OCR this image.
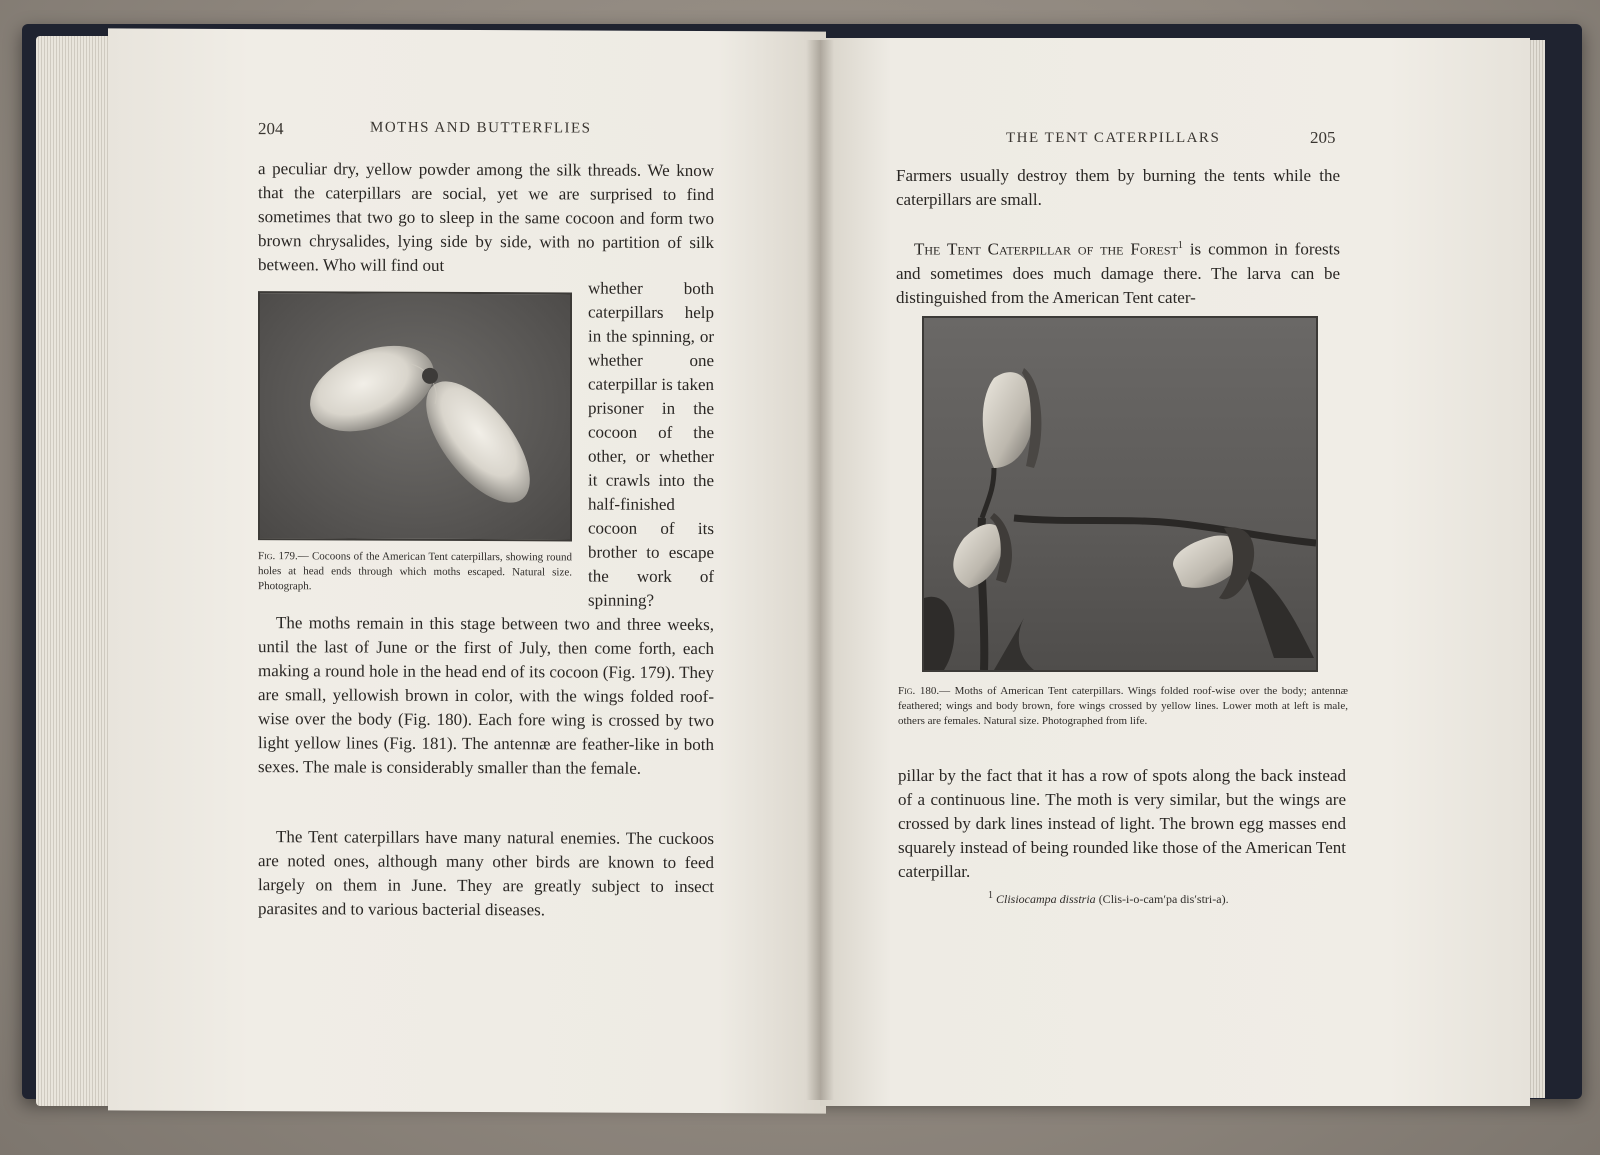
204	MOTHS AND BUTTERFLIES

a peculiar dry, yellow powder among the silk threads. We know that the caterpillars are social, yet we are surprised to find sometimes that two go to sleep in the same cocoon and form two brown chrysalides, lying side by side, with no partition of silk between. Who will find out

Fig. 179.— Cocoons of the American Tent caterpillars, showing round holes at head ends through which moths escaped. Natural size. Photograph.
whether both caterpillars help in the spinning, or whether one caterpillar is taken prisoner in the cocoon of the other, or whether it crawls into the half-finished cocoon of its brother to escape the work of spinning?

The moths remain in this stage between two and three weeks, until the last of June or the first of July, then come forth, each making a round hole in the head end of its cocoon (Fig. 179). They are small, yellowish brown in color, with the wings folded roof-wise over the body (Fig. 180). Each fore wing is crossed by two light yellow lines (Fig. 181). The antennæ are feather-like in both sexes. The male is considerably smaller than the female.

The Tent caterpillars have many natural enemies. The cuckoos are noted ones, although many other birds are known to feed largely on them in June. They are greatly subject to insect parasites and to various bacterial diseases.

THE TENT CATERPILLARS	205

Farmers usually destroy them by burning the tents while the caterpillars are small.

The Tent Caterpillar of the Forest$^1$ is common in forests and sometimes does much damage there. The larva can be distinguished from the American Tent cater-

Fig. 180.— Moths of American Tent caterpillars. Wings folded roof-wise over the body; antennæ feathered; wings and body brown, fore wings crossed by yellow lines. Lower moth at left is male, others are females. Natural size. Photographed from life.

pillar by the fact that it has a row of spots along the back instead of a continuous line. The moth is very similar, but the wings are crossed by dark lines instead of light. The brown egg masses end squarely instead of being rounded like those of the American Tent caterpillar.

$^1$ Clisiocampa disstria (Clis-i-o-cam′pa dis′stri-a).
